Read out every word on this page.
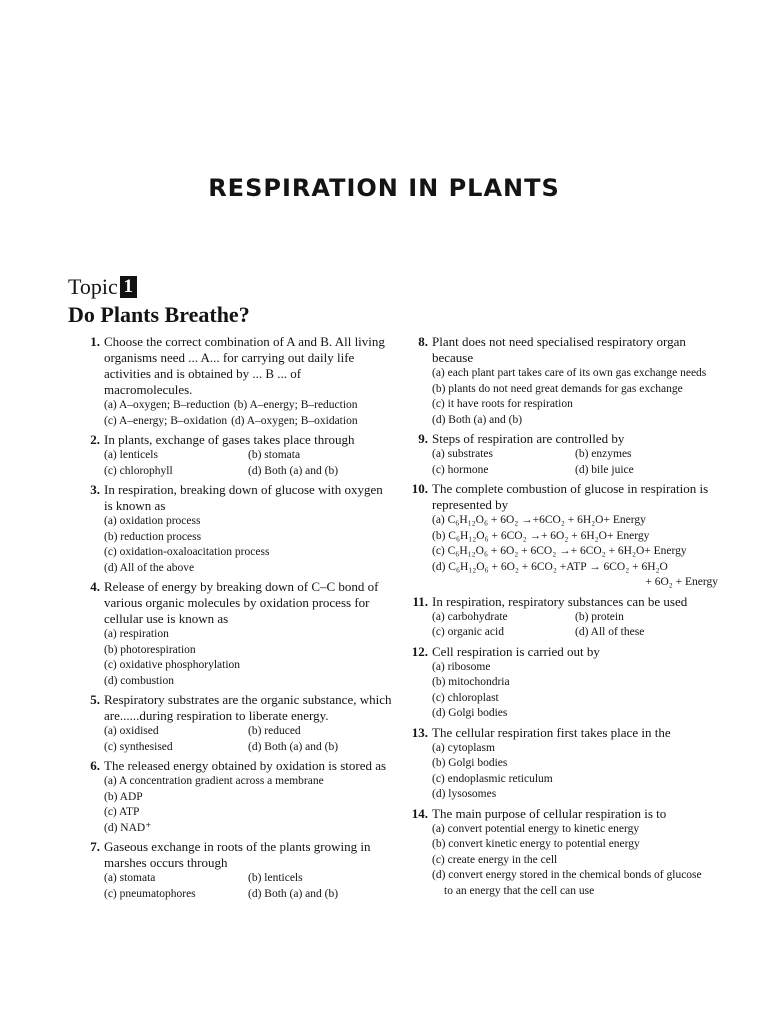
RESPIRATION IN PLANTS
Topic 1
Do Plants Breathe?
1. Choose the correct combination of A and B. All living organisms need ... A... for carrying out daily life activities and is obtained by ... B ... of macromolecules.
(a) A–oxygen; B–reduction (b) A–energy; B–reduction
(c) A–energy; B–oxidation (d) A–oxygen; B–oxidation
2. In plants, exchange of gases takes place through
(a) lenticels	(b) stomata
(c) chlorophyll	(d) Both (a) and (b)
3. In respiration, breaking down of glucose with oxygen is known as
(a) oxidation process
(b) reduction process
(c) oxidation-oxaloacitation process
(d) All of the above
4. Release of energy by breaking down of C–C bond of various organic molecules by oxidation process for cellular use is known as
(a) respiration
(b) photorespiration
(c) oxidative phosphorylation
(d) combustion
5. Respiratory substrates are the organic substance, which are......during respiration to liberate energy.
(a) oxidised	(b) reduced
(c) synthesised	(d) Both (a) and (b)
6. The released energy obtained by oxidation is stored as
(a) A concentration gradient across a membrane
(b) ADP
(c) ATP
(d) NAD⁺
7. Gaseous exchange in roots of the plants growing in marshes occurs through
(a) stomata	(b) lenticels
(c) pneumatophores	(d) Both (a) and (b)
8. Plant does not need specialised respiratory organ because
(a) each plant part takes care of its own gas exchange needs
(b) plants do not need great demands for gas exchange
(c) it have roots for respiration
(d) Both (a) and (b)
9. Steps of respiration are controlled by
(a) substrates	(b) enzymes
(c) hormone	(d) bile juice
10. The complete combustion of glucose in respiration is represented by
(a) C₆H₁₂O₆ + 6O₂ →+6CO₂ + 6H₂O+ Energy
(b) C₆H₁₂O₆ + 6CO₂ →+ 6O₂ + 6H₂O+ Energy
(c) C₆H₁₂O₆ + 6O₂ + 6CO₂ →+ 6CO₂ + 6H₂O+ Energy
(d) C₆H₁₂O₆ + 6O₂ + 6CO₂ +ATP → 6CO₂ + 6H₂O
+ 6O₂ + Energy
11. In respiration, respiratory substances can be used
(a) carbohydrate	(b) protein
(c) organic acid	(d) All of these
12. Cell respiration is carried out by
(a) ribosome
(b) mitochondria
(c) chloroplast
(d) Golgi bodies
13. The cellular respiration first takes place in the
(a) cytoplasm
(b) Golgi bodies
(c) endoplasmic reticulum
(d) lysosomes
14. The main purpose of cellular respiration is to
(a) convert potential energy to kinetic energy
(b) convert kinetic energy to potential energy
(c) create energy in the cell
(d) convert energy stored in the chemical bonds of glucose
to an energy that the cell can use
